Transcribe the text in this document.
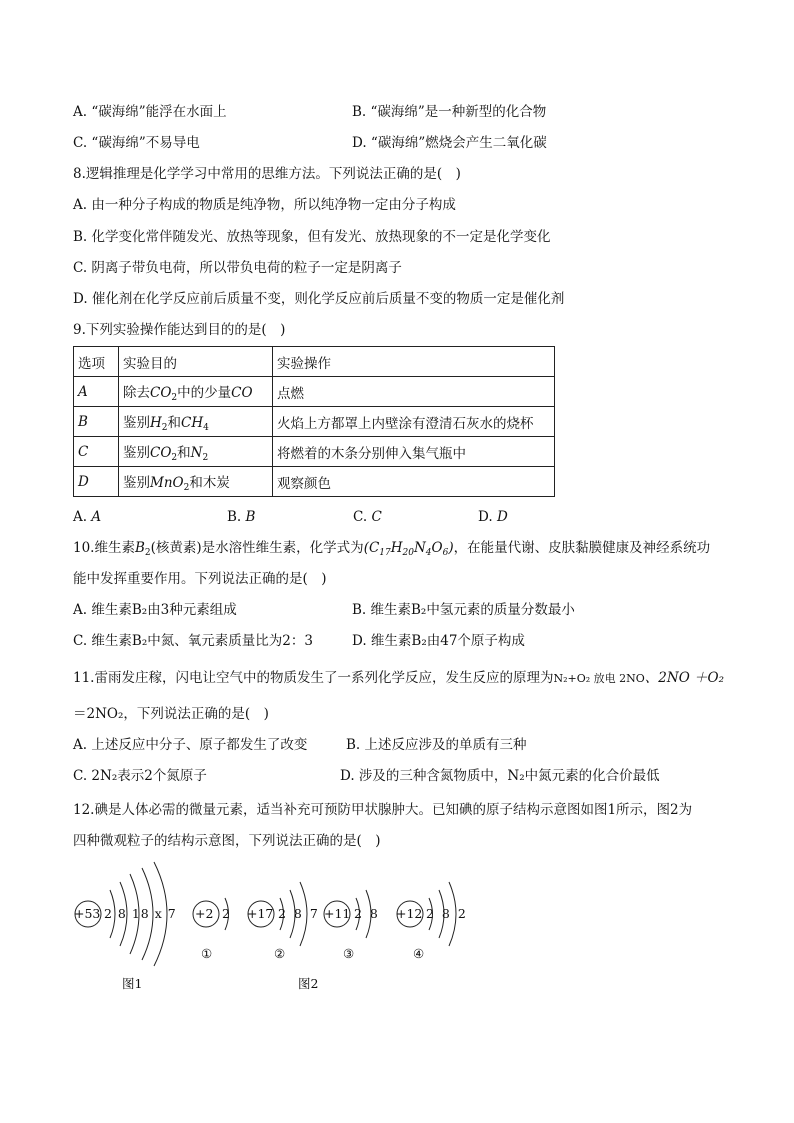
A. “碳海绵”能浮在水面上	B. “碳海绵”是一种新型的化合物
C. “碳海绵”不易导电	D. “碳海绵”燃烧会产生二氧化碳
8.逻辑推理是化学学习中常用的思维方法。下列说法正确的是(　)
A. 由一种分子构成的物质是纯净物，所以纯净物一定由分子构成
B. 化学变化常伴随发光、放热等现象，但有发光、放热现象的不一定是化学变化
C. 阴离子带负电荷，所以带负电荷的粒子一定是阴离子
D. 催化剂在化学反应前后质量不变，则化学反应前后质量不变的物质一定是催化剂
9.下列实验操作能达到目的的是(　)
选项	实验目的	实验操作
A	除去$CO_2$中的少量CO	点燃
B	鉴别$H_2$和$CH_4$	火焰上方都罩上内壁涂有澄清石灰水的烧杯
C	鉴别$CO_2$和$N_2$	将燃着的木条分别伸入集气瓶中
D	鉴别MnO$_2$和木炭	观察颜色
A. A	B. B	C. C	D. D
10.维生素$B_2$(核黄素)是水溶性维生素，化学式为$(C_{17}H_{20}N_4O_6)$，在能量代谢、皮肤黏膜健康及神经系统功
能中发挥重要作用。下列说法正确的是(　)
A. 维生素B₂由3种元素组成	B. 维生素B₂中氢元素的质量分数最小
C. 维生素B₂中氮、氧元素质量比为2：3	D. 维生素B₂由47个原子构成
11.雷雨发庄稼，闪电让空气中的物质发生了一系列化学反应，发生反应的原理为N₂+O₂ 放电 2NO、2NO ＋O₂
＝2NO₂，下列说法正确的是(　)
A. 上述反应中分子、原子都发生了改变	B. 上述反应涉及的单质有三种
C. 2N₂表示2个氮原子	D. 涉及的三种含氮物质中，N₂中氮元素的化合价最低
12.碘是人体必需的微量元素，适当补充可预防甲状腺肿大。已知碘的原子结构示意图如图1所示，图2为
四种微观粒子的结构示意图，下列说法正确的是(　)
+53 2 8 18 x 7
图1
+2 2
①
+17 2 8 7
②
+11 2 8
③
+12 2 8 2
④
图2
